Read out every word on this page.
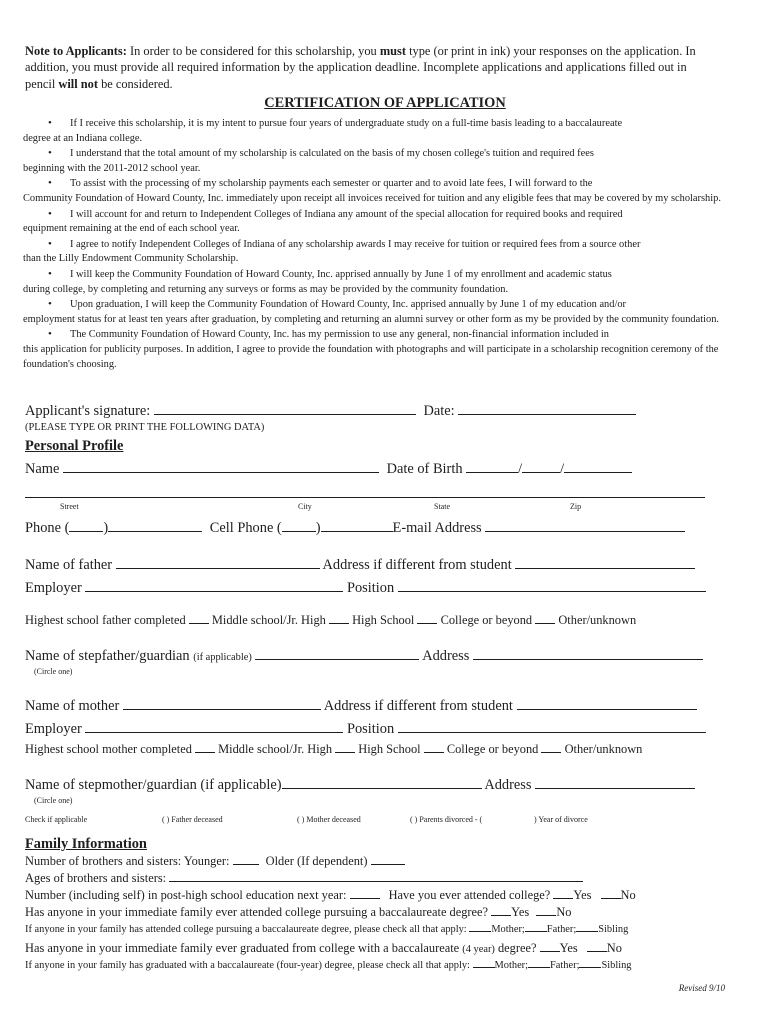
Note to Applicants: In order to be considered for this scholarship, you must type (or print in ink) your responses on the application. In addition, you must provide all required information by the application deadline. Incomplete applications and applications filled out in pencil will not be considered.
CERTIFICATION OF APPLICATION

• If I receive this scholarship, it is my intent to pursue four years of undergraduate study on a full-time basis leading to a baccalaureate
degree at an Indiana college.

• I understand that the total amount of my scholarship is calculated on the basis of my chosen college's tuition and required fees
beginning with the 2011-2012 school year.

• To assist with the processing of my scholarship payments each semester or quarter and to avoid late fees, I will forward to the

Community Foundation of Howard County, Inc. immediately upon receipt all invoices received for tuition and any eligible fees that may be covered by my scholarship.

• I will account for and return to Independent Colleges of Indiana any amount of the special allocation for required books and required
equipment remaining at the end of each school year.

• I agree to notify Independent Colleges of Indiana of any scholarship awards I may receive for tuition or required fees from a source other
than the Lilly Endowment Community Scholarship.

• I will keep the Community Foundation of Howard County, Inc. apprised annually by June 1 of my enrollment and academic status
during college, by completing and returning any surveys or forms as may be provided by the community foundation.

• Upon graduation, I will keep the Community Foundation of Howard County, Inc. apprised annually by June 1 of my education and/or

employment status for at least ten years after graduation, by completing and returning an alumni survey or other form as my be provided by the community foundation.

• The Community Foundation of Howard County, Inc. has my permission to use any general, non-financial information included in

this application for publicity purposes. In addition, I agree to provide the foundation with photographs and will participate in a scholarship recognition ceremony of the foundation's choosing.

Applicant's signature:	Date:
(PLEASE TYPE OR PRINT THE FOLLOWING DATA)
Personal Profile
Name	Date of Birth	/	/
Street	City	State	Zip
Phone ( )	Cell Phone ( )	E-mail Address
Name of father	Address if different from student
Employer	Position
Highest school father completed Middle school/Jr. High High School College or beyond Other/unknown
Name of stepfather/guardian (if applicable)	Address
(Circle one)
Name of mother	Address if different from student
Employer	Position
Highest school mother completed Middle school/Jr. High High School College or beyond Other/unknown
Name of stepmother/guardian (if applicable)	Address
(Circle one)
Check if applicable	( ) Father deceased	( ) Mother deceased	( ) Parents divorced - (	) Year of divorce
Family Information
Number of brothers and sisters: Younger:	Older (If dependent)
Ages of brothers and sisters:
Number (including self) in post-high school education next year:	Have you ever attended college? Yes No
Has anyone in your immediate family ever attended college pursuing a baccalaureate degree? Yes No
If anyone in your family has attended college pursuing a baccalaureate degree, please check all that apply: Mother; Father; Sibling
Has anyone in your immediate family ever graduated from college with a baccalaureate (4 year) degree? Yes No
If anyone in your family has graduated with a baccalaureate (four-year) degree, please check all that apply: Mother; Father; Sibling
Revised 9/10
